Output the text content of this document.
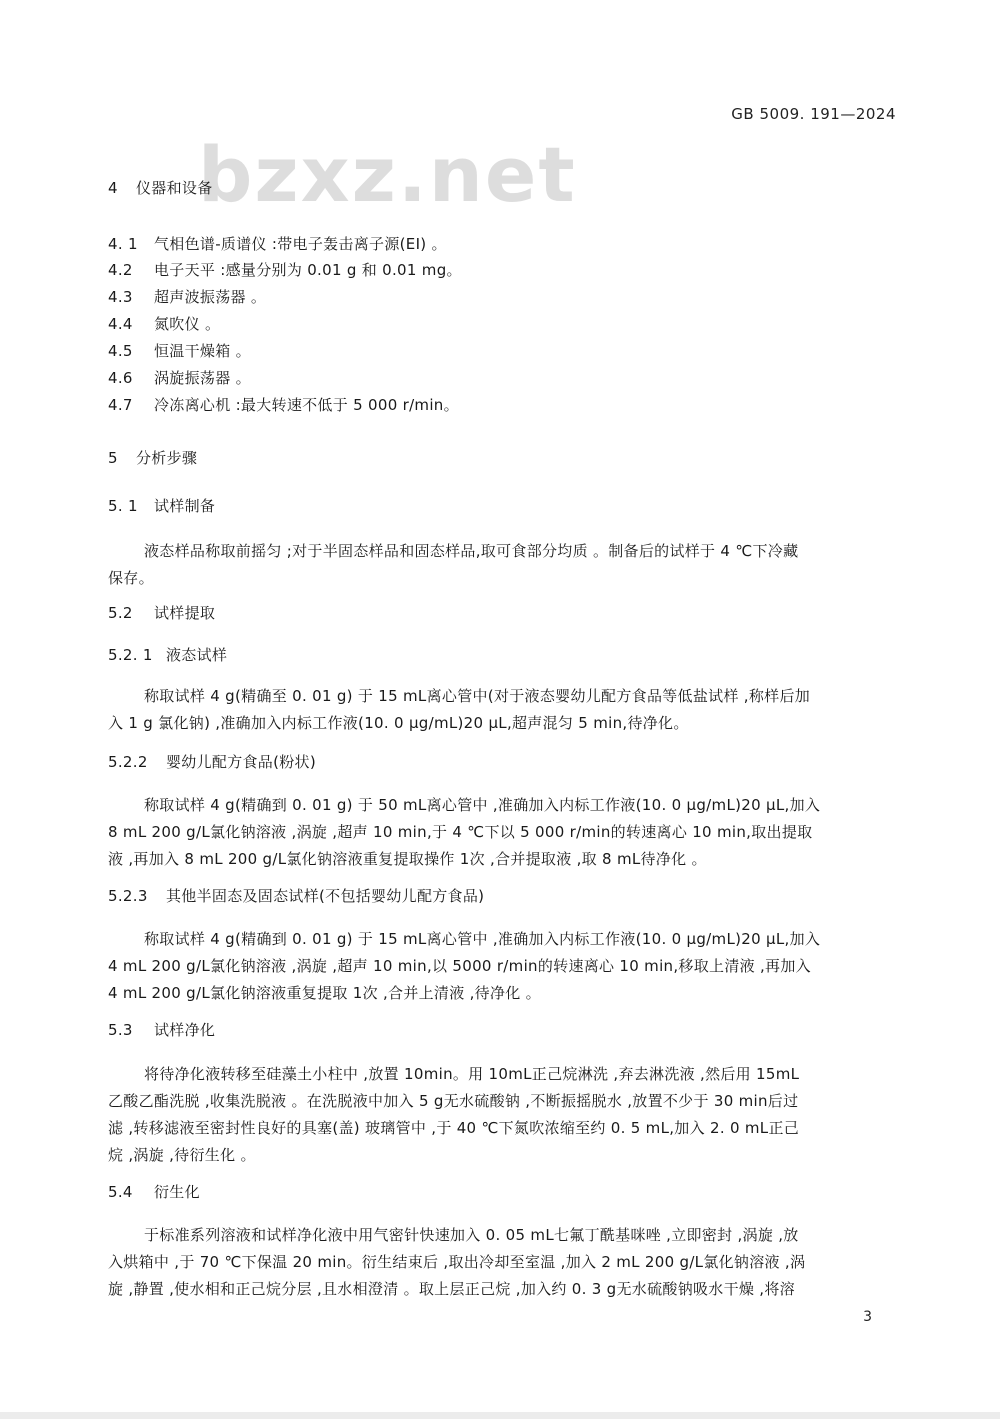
GB 5009. 191—2024
bzxz.net
4 仪器和设备
4. 1 气相色谱-质谱仪 :带电子轰击离子源(EI) 。
4.2 电子天平 :感量分别为 0.01 g 和 0.01 mg。
4.3 超声波振荡器 。
4.4 氮吹仪 。
4.5 恒温干燥箱 。
4.6 涡旋振荡器 。
4.7 冷冻离心机 :最大转速不低于 5 000 r/min。
5 分析步骤
5. 1 试样制备
液态样品称取前摇匀 ;对于半固态样品和固态样品,取可食部分均质 。制备后的试样于 4 ℃下冷藏
保存。
5.2 试样提取
5.2. 1 液态试样
称取试样 4 g(精确至 0. 01 g) 于 15 mL离心管中(对于液态婴幼儿配方食品等低盐试样 ,称样后加
入 1 g 氯化钠) ,准确加入内标工作液(10. 0 μg/mL)20 μL,超声混匀 5 min,待净化。
5.2.2 婴幼儿配方食品(粉状)
称取试样 4 g(精确到 0. 01 g) 于 50 mL离心管中 ,准确加入内标工作液(10. 0 μg/mL)20 μL,加入
8 mL 200 g/L氯化钠溶液 ,涡旋 ,超声 10 min,于 4 ℃下以 5 000 r/min的转速离心 10 min,取出提取
液 ,再加入 8 mL 200 g/L氯化钠溶液重复提取操作 1次 ,合并提取液 ,取 8 mL待净化 。
5.2.3 其他半固态及固态试样(不包括婴幼儿配方食品)
称取试样 4 g(精确到 0. 01 g) 于 15 mL离心管中 ,准确加入内标工作液(10. 0 μg/mL)20 μL,加入
4 mL 200 g/L氯化钠溶液 ,涡旋 ,超声 10 min,以 5000 r/min的转速离心 10 min,移取上清液 ,再加入
4 mL 200 g/L氯化钠溶液重复提取 1次 ,合并上清液 ,待净化 。
5.3 试样净化
将待净化液转移至硅藻土小柱中 ,放置 10min。用 10mL正己烷淋洗 ,弃去淋洗液 ,然后用 15mL
乙酸乙酯洗脱 ,收集洗脱液 。在洗脱液中加入 5 g无水硫酸钠 ,不断振摇脱水 ,放置不少于 30 min后过
滤 ,转移滤液至密封性良好的具塞(盖) 玻璃管中 ,于 40 ℃下氮吹浓缩至约 0. 5 mL,加入 2. 0 mL正己
烷 ,涡旋 ,待衍生化 。
5.4 衍生化
于标准系列溶液和试样净化液中用气密针快速加入 0. 05 mL七氟丁酰基咪唑 ,立即密封 ,涡旋 ,放
入烘箱中 ,于 70 ℃下保温 20 min。衍生结束后 ,取出冷却至室温 ,加入 2 mL 200 g/L氯化钠溶液 ,涡
旋 ,静置 ,使水相和正己烷分层 ,且水相澄清 。取上层正己烷 ,加入约 0. 3 g无水硫酸钠吸水干燥 ,将溶
3
